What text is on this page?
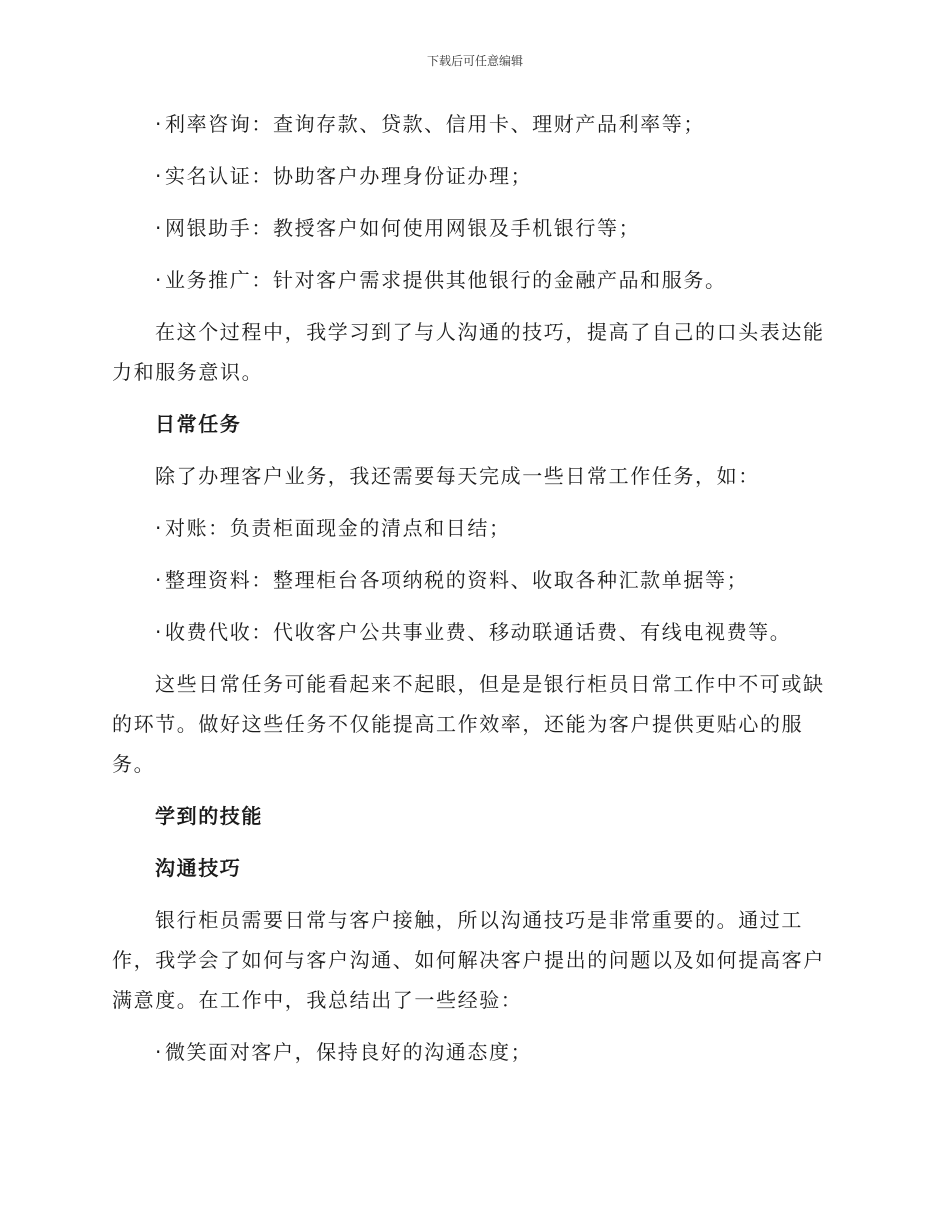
下载后可任意编辑

· 利率咨询：查询存款、贷款、信用卡、理财产品利率等；

· 实名认证：协助客户办理身份证办理；

· 网银助手：教授客户如何使用网银及手机银行等；

· 业务推广：针对客户需求提供其他银行的金融产品和服务。

在这个过程中，我学习到了与人沟通的技巧，提高了自己的口头表达能力和服务意识。

日常任务

除了办理客户业务，我还需要每天完成一些日常工作任务，如：

· 对账：负责柜面现金的清点和日结；

· 整理资料：整理柜台各项纳税的资料、收取各种汇款单据等；

· 收费代收：代收客户公共事业费、移动联通话费、有线电视费等。

这些日常任务可能看起来不起眼，但是是银行柜员日常工作中不可或缺的环节。做好这些任务不仅能提高工作效率，还能为客户提供更贴心的服务。

学到的技能

沟通技巧

银行柜员需要日常与客户接触，所以沟通技巧是非常重要的。通过工作，我学会了如何与客户沟通、如何解决客户提出的问题以及如何提高客户满意度。在工作中，我总结出了一些经验：

· 微笑面对客户，保持良好的沟通态度；
